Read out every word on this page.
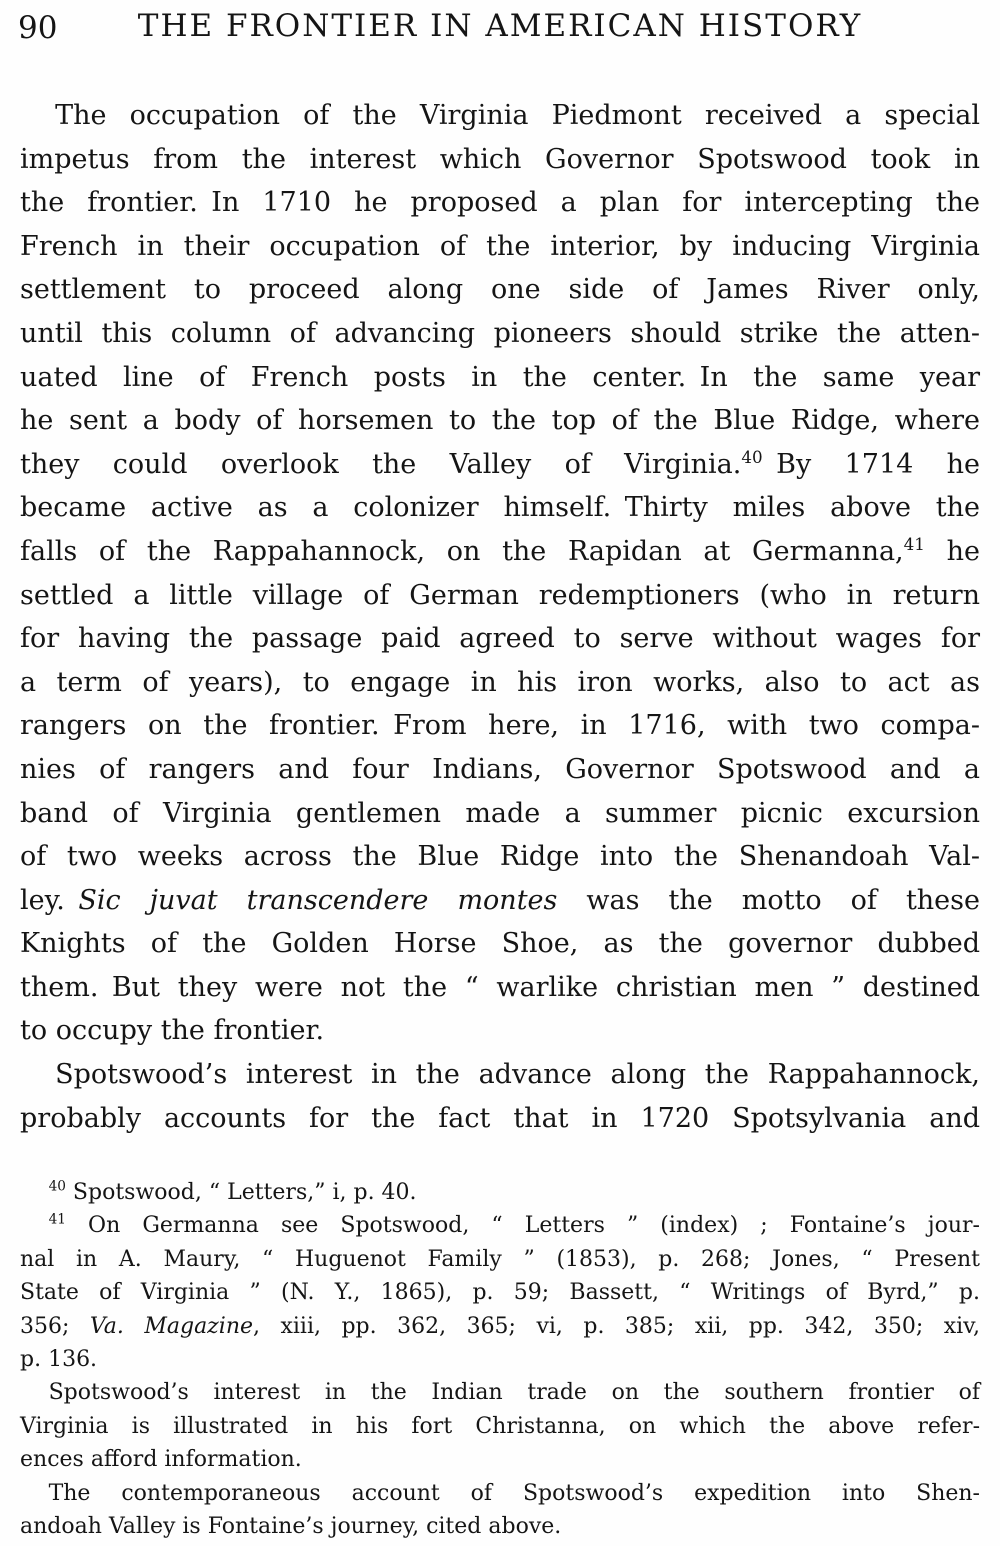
90	THE FRONTIER IN AMERICAN HISTORY
The occupation of the Virginia Piedmont received a special
impetus from the interest which Governor Spotswood took in
the frontier. In 1710 he proposed a plan for intercepting the
French in their occupation of the interior, by inducing Virginia
settlement to proceed along one side of James River only,
until this column of advancing pioneers should strike the atten-
uated line of French posts in the center. In the same year
he sent a body of horsemen to the top of the Blue Ridge, where
they could overlook the Valley of Virginia.$^{40}$ By 1714 he
became active as a colonizer himself. Thirty miles above the
falls of the Rappahannock, on the Rapidan at Germanna,$^{41}$ he
settled a little village of German redemptioners (who in return
for having the passage paid agreed to serve without wages for
a term of years), to engage in his iron works, also to act as
rangers on the frontier. From here, in 1716, with two compa-
nies of rangers and four Indians, Governor Spotswood and a
band of Virginia gentlemen made a summer picnic excursion
of two weeks across the Blue Ridge into the Shenandoah Val-
ley. Sic juvat transcendere montes was the motto of these
Knights of the Golden Horse Shoe, as the governor dubbed
them. But they were not the “ warlike christian men ” destined
to occupy the frontier.
Spotswood’s interest in the advance along the Rappahannock,
probably accounts for the fact that in 1720 Spotsylvania and
$^{40}$ Spotswood, “ Letters,” i, p. 40.
$^{41}$ On Germanna see Spotswood, “ Letters ” (index) ; Fontaine’s jour-
nal in A. Maury, “ Huguenot Family ” (1853), p. 268; Jones, “ Present
State of Virginia ” (N. Y., 1865), p. 59; Bassett, “ Writings of Byrd,” p.
356; Va. Magazine, xiii, pp. 362, 365; vi, p. 385; xii, pp. 342, 350; xiv,
p. 136.
Spotswood’s interest in the Indian trade on the southern frontier of
Virginia is illustrated in his fort Christanna, on which the above refer-
ences afford information.
The contemporaneous account of Spotswood’s expedition into Shen-
andoah Valley is Fontaine’s journey, cited above.
